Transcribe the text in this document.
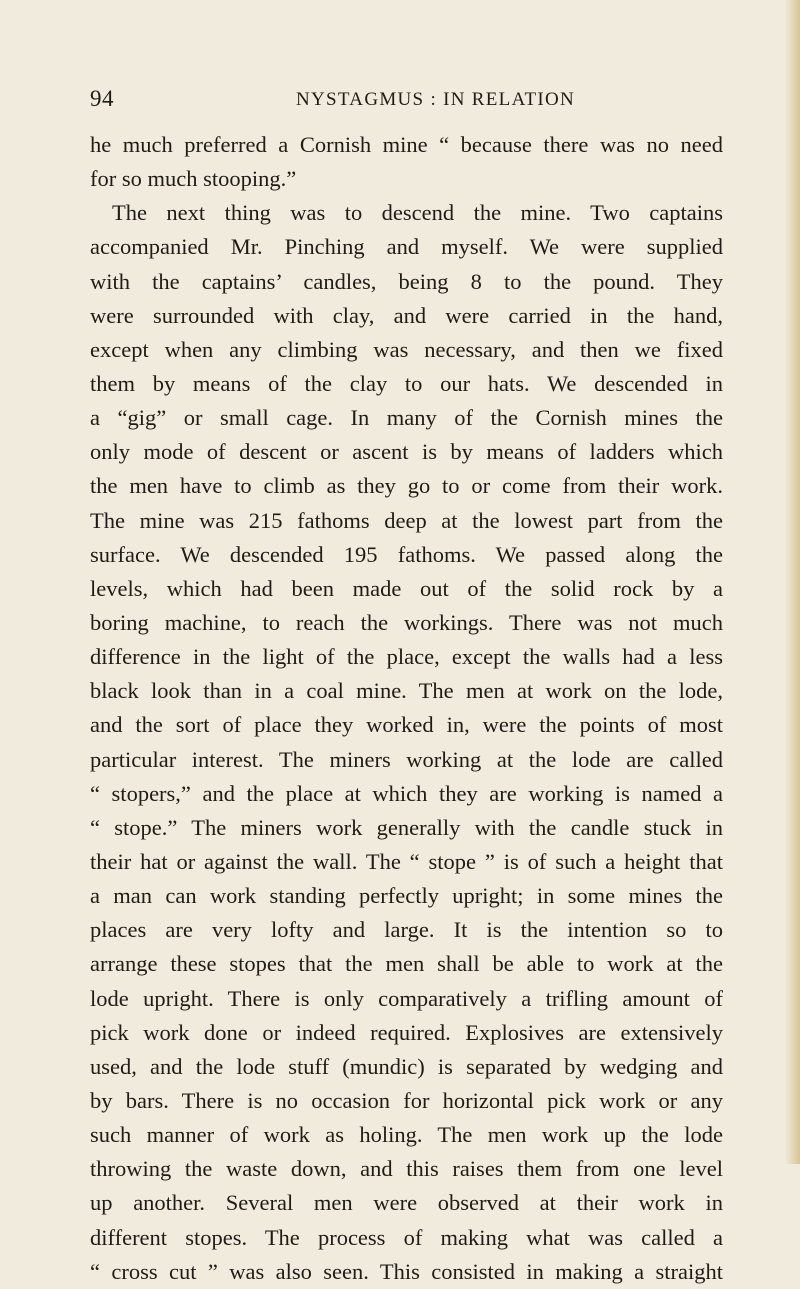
94	NYSTAGMUS : IN RELATION
he much preferred a Cornish mine “ because there was no need
for so much stooping.”
The next thing was to descend the mine. Two captains
accompanied Mr. Pinching and myself. We were supplied
with the captains’ candles, being 8 to the pound. They
were surrounded with clay, and were carried in the hand,
except when any climbing was necessary, and then we fixed
them by means of the clay to our hats. We descended in
a “gig” or small cage. In many of the Cornish mines the
only mode of descent or ascent is by means of ladders which
the men have to climb as they go to or come from their work.
The mine was 215 fathoms deep at the lowest part from the
surface. We descended 195 fathoms. We passed along the
levels, which had been made out of the solid rock by a
boring machine, to reach the workings. There was not much
difference in the light of the place, except the walls had a less
black look than in a coal mine. The men at work on the lode,
and the sort of place they worked in, were the points of most
particular interest. The miners working at the lode are called
“ stopers,” and the place at which they are working is named a
“ stope.” The miners work generally with the candle stuck in
their hat or against the wall. The “ stope ” is of such a height that
a man can work standing perfectly upright; in some mines the
places are very lofty and large. It is the intention so to
arrange these stopes that the men shall be able to work at the
lode upright. There is only comparatively a trifling amount of
pick work done or indeed required. Explosives are extensively
used, and the lode stuff (mundic) is separated by wedging and
by bars. There is no occasion for horizontal pick work or any
such manner of work as holing. The men work up the lode
throwing the waste down, and this raises them from one level
up another. Several men were observed at their work in
different stopes. The process of making what was called a
“ cross cut ” was also seen. This consisted in making a straight
